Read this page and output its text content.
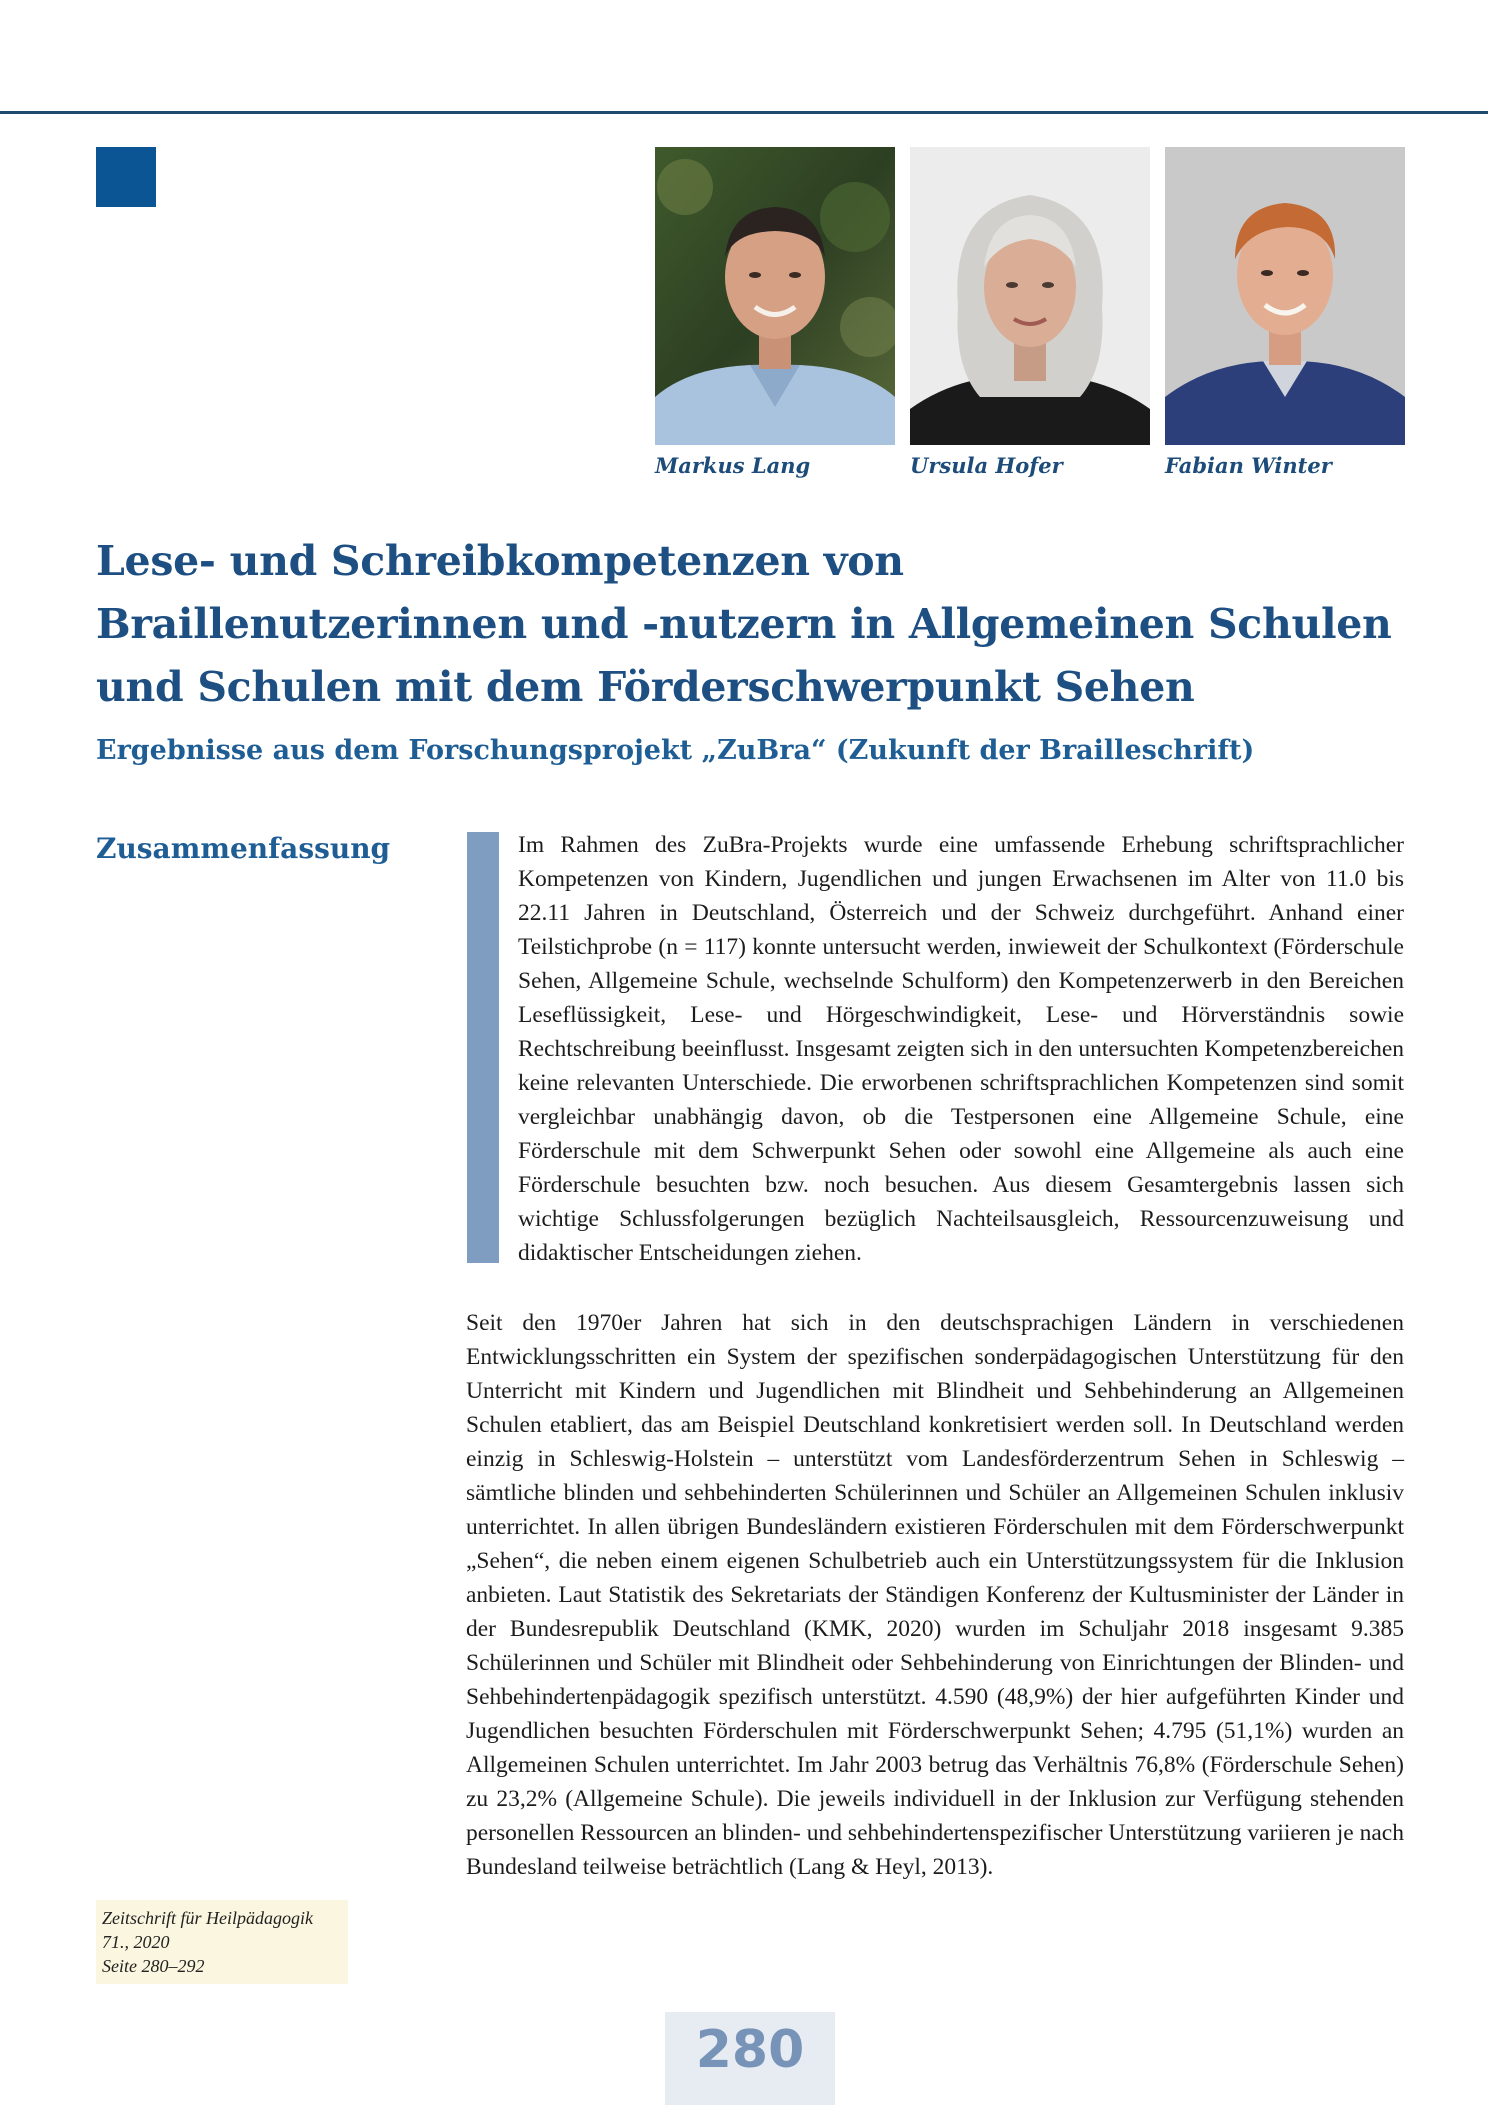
Markus Lang	Ursula Hofer	Fabian Winter
Lese- und Schreibkompetenzen von
Braillenutzerinnen und -nutzern in Allgemeinen Schulen
und Schulen mit dem Förderschwerpunkt Sehen
Ergebnisse aus dem Forschungsprojekt „ZuBra“ (Zukunft der Brailleschrift)
Zusammenfassung	Im Rahmen des ZuBra-Projekts wurde eine umfassende Erhebung schriftsprachlicher Kompetenzen von Kindern, Jugendlichen und jungen Erwachsenen im Alter von 11.0 bis 22.11 Jahren in Deutschland, Österreich und der Schweiz durchgeführt. Anhand einer Teilstichprobe (n = 117) konnte untersucht werden, inwieweit der Schulkontext (Förderschule Sehen, Allgemeine Schule, wechselnde Schulform) den Kompetenzerwerb in den Bereichen Leseflüssigkeit, Lese- und Hörgeschwindigkeit, Lese- und Hörverständnis sowie Rechtschreibung beeinflusst. Insgesamt zeigten sich in den untersuchten Kompetenzbereichen keine relevanten Unterschiede. Die erworbenen schriftsprachlichen Kompetenzen sind somit vergleichbar unabhängig davon, ob die Testpersonen eine Allgemeine Schule, eine Förderschule mit dem Schwerpunkt Sehen oder sowohl eine Allgemeine als auch eine Förderschule besuchten bzw. noch besuchen. Aus diesem Gesamtergebnis lassen sich wichtige Schlussfolgerungen bezüglich Nachteilsausgleich, Ressourcenzuweisung und didaktischer Entscheidungen ziehen.

Seit den 1970er Jahren hat sich in den deutschsprachigen Ländern in verschiedenen Entwicklungsschritten ein System der spezifischen sonderpädagogischen Unterstützung für den Unterricht mit Kindern und Jugendlichen mit Blindheit und Sehbehinderung an Allgemeinen Schulen etabliert, das am Beispiel Deutschland konkretisiert werden soll. In Deutschland werden einzig in Schleswig-Holstein – unterstützt vom Landesförderzentrum Sehen in Schleswig – sämtliche blinden und sehbehinderten Schülerinnen und Schüler an Allgemeinen Schulen inklusiv unterrichtet. In allen übrigen Bundesländern existieren Förderschulen mit dem Förderschwerpunkt „Sehen“, die neben einem eigenen Schulbetrieb auch ein Unterstützungssystem für die Inklusion anbieten. Laut Statistik des Sekretariats der Ständigen Konferenz der Kultusminister der Länder in der Bundesrepublik Deutschland (KMK, 2020) wurden im Schuljahr 2018 insgesamt 9.385 Schülerinnen und Schüler mit Blindheit oder Sehbehinderung von Einrichtungen der Blinden- und Sehbehindertenpädagogik spezifisch unterstützt. 4.590 (48,9%) der hier aufgeführten Kinder und Jugendlichen besuchten Förderschulen mit Förderschwerpunkt Sehen; 4.795 (51,1%) wurden an Allgemeinen Schulen unterrichtet. Im Jahr 2003 betrug das Verhältnis 76,8% (Förderschule Sehen) zu 23,2% (Allgemeine Schule). Die jeweils individuell in der Inklusion zur Verfügung stehenden personellen Ressourcen an blinden- und sehbehindertenspezifischer Unterstützung variieren je nach Bundesland teilweise beträchtlich (Lang & Heyl, 2013).

Zeitschrift für Heilpädagogik
71., 2020
Seite 280–292
280
